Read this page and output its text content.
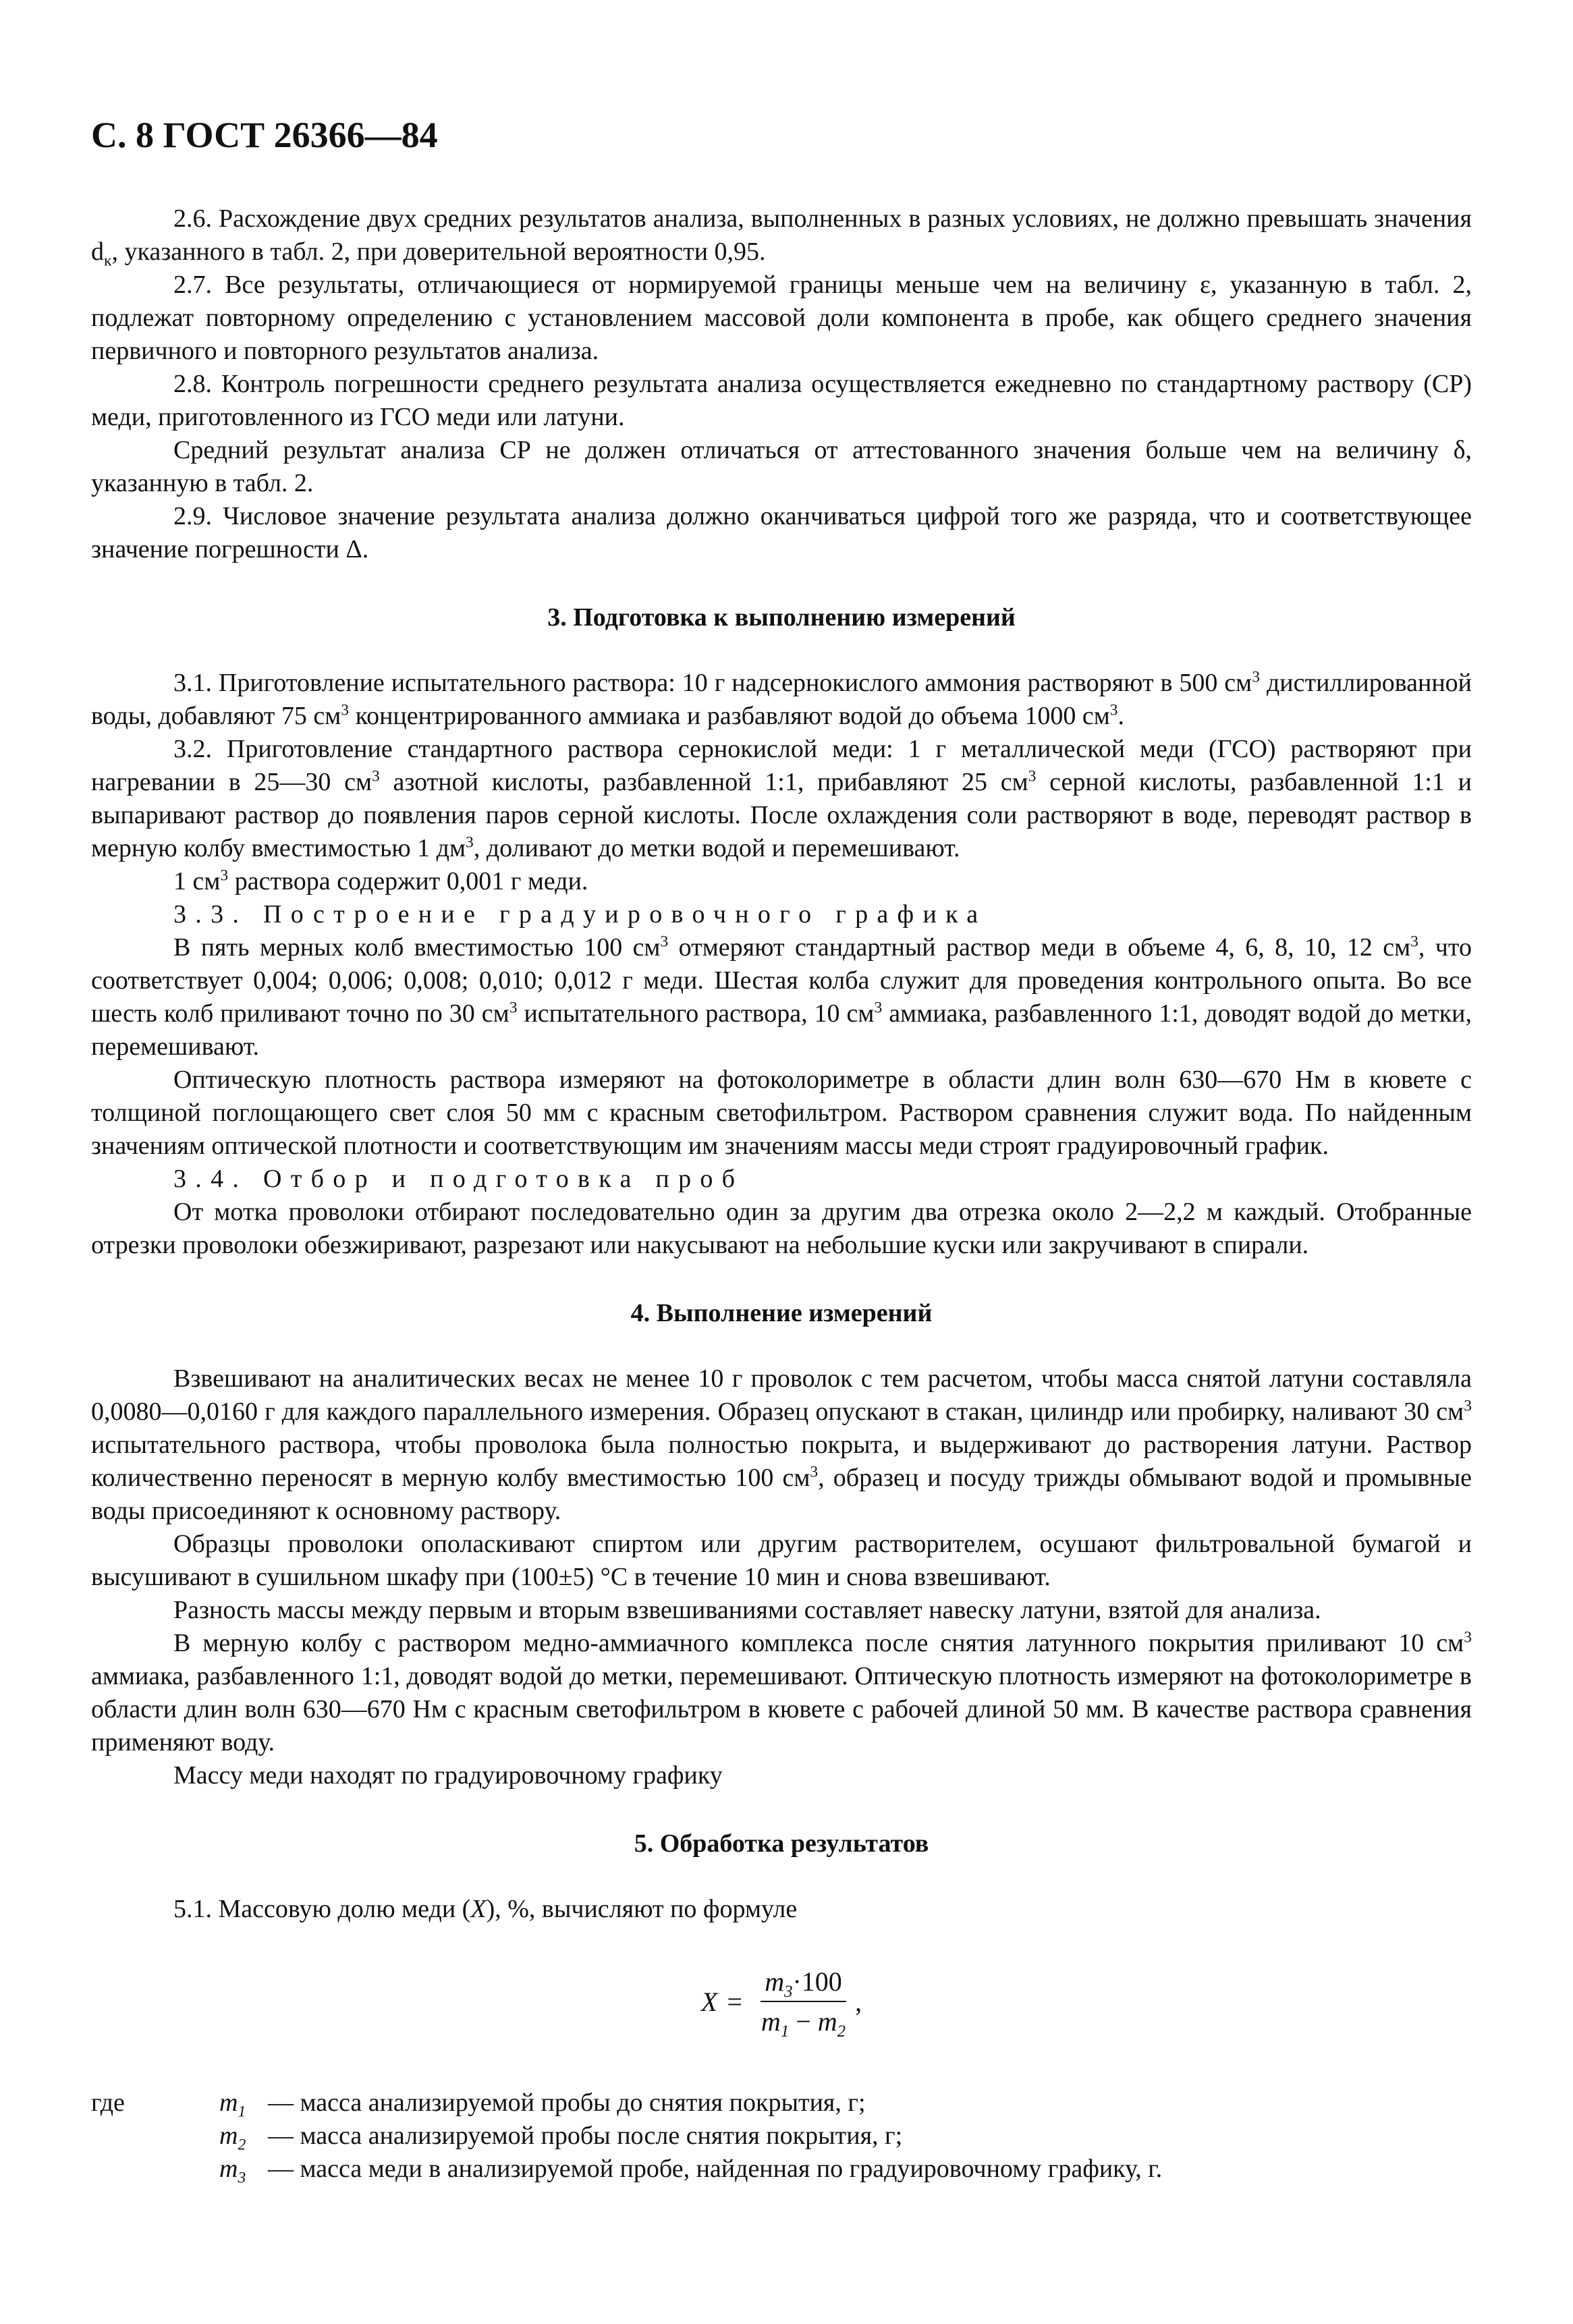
С. 8 ГОСТ 26366—84

2.6. Расхождение двух средних результатов анализа, выполненных в разных условиях, не должно превышать значения $d_к$, указанного в табл. 2, при доверительной вероятности 0,95.

2.7. Все результаты, отличающиеся от нормируемой границы меньше чем на величину ε, указанную в табл. 2, подлежат повторному определению с установлением массовой доли компонента в пробе, как общего среднего значения первичного и повторного результатов анализа.

2.8. Контроль погрешности среднего результата анализа осуществляется ежедневно по стандартному раствору (СР) меди, приготовленного из ГСО меди или латуни.

Средний результат анализа СР не должен отличаться от аттестованного значения больше чем на величину δ, указанную в табл. 2.

2.9. Числовое значение результата анализа должно оканчиваться цифрой того же разряда, что и соответствующее значение погрешности Δ.

3. Подготовка к выполнению измерений

3.1. Приготовление испытательного раствора: 10 г надсернокислого аммония растворяют в 500 $см^3$ дистиллированной воды, добавляют 75 $см^3$ концентрированного аммиака и разбавляют водой до объема 1000 $см^3$.

3.2. Приготовление стандартного раствора сернокислой меди: 1 г металлической меди (ГСО) растворяют при нагревании в 25—30 $см^3$ азотной кислоты, разбавленной 1:1, прибавляют 25 $см^3$ серной кислоты, разбавленной 1:1 и выпаривают раствор до появления паров серной кислоты. После охлаждения соли растворяют в воде, переводят раствор в мерную колбу вместимостью 1 $дм^3$, доливают до метки водой и перемешивают.

1 $см^3$ раствора содержит 0,001 г меди.

3.3. Построение градуировочного графика

В пять мерных колб вместимостью 100 $см^3$ отмеряют стандартный раствор меди в объеме 4, 6, 8, 10, 12 $см^3$, что соответствует 0,004; 0,006; 0,008; 0,010; 0,012 г меди. Шестая колба служит для проведения контрольного опыта. Во все шесть колб приливают точно по 30 $см^3$ испытательного раствора, 10 $см^3$ аммиака, разбавленного 1:1, доводят водой до метки, перемешивают.

Оптическую плотность раствора измеряют на фотоколориметре в области длин волн 630—670 Нм в кювете с толщиной поглощающего свет слоя 50 мм с красным светофильтром. Раствором сравнения служит вода. По найденным значениям оптической плотности и соответствующим им значениям массы меди строят градуировочный график.

3.4. Отбор и подготовка проб

От мотка проволоки отбирают последовательно один за другим два отрезка около 2—2,2 м каждый. Отобранные отрезки проволоки обезжиривают, разрезают или накусывают на небольшие куски или закручивают в спирали.

4. Выполнение измерений

Взвешивают на аналитических весах не менее 10 г проволок с тем расчетом, чтобы масса снятой латуни составляла 0,0080—0,0160 г для каждого параллельного измерения. Образец опускают в стакан, цилиндр или пробирку, наливают 30 $см^3$ испытательного раствора, чтобы проволока была полностью покрыта, и выдерживают до растворения латуни. Раствор количественно переносят в мерную колбу вместимостью 100 $см^3$, образец и посуду трижды обмывают водой и промывные воды присоединяют к основному раствору.

Образцы проволоки ополаскивают спиртом или другим растворителем, осушают фильтровальной бумагой и высушивают в сушильном шкафу при (100±5) °С в течение 10 мин и снова взвешивают.

Разность массы между первым и вторым взвешиваниями составляет навеску латуни, взятой для анализа.

В мерную колбу с раствором медно-аммиачного комплекса после снятия латунного покрытия приливают 10 $см^3$ аммиака, разбавленного 1:1, доводят водой до метки, перемешивают. Оптическую плотность измеряют на фотоколориметре в области длин волн 630—670 Нм с красным светофильтром в кювете с рабочей длиной 50 мм. В качестве раствора сравнения применяют воду.

Массу меди находят по градуировочному графику

5. Обработка результатов

5.1. Массовую долю меди (X), %, вычисляют по формуле

$X = \frac{m_3\cdot 100}{m_1 - m_2}$ ,
где	$m_1$ — масса анализируемой пробы до снятия покрытия, г;
$m_2$ — масса анализируемой пробы после снятия покрытия, г;
$m_3$ — масса меди в анализируемой пробе, найденная по градуировочному графику, г.
